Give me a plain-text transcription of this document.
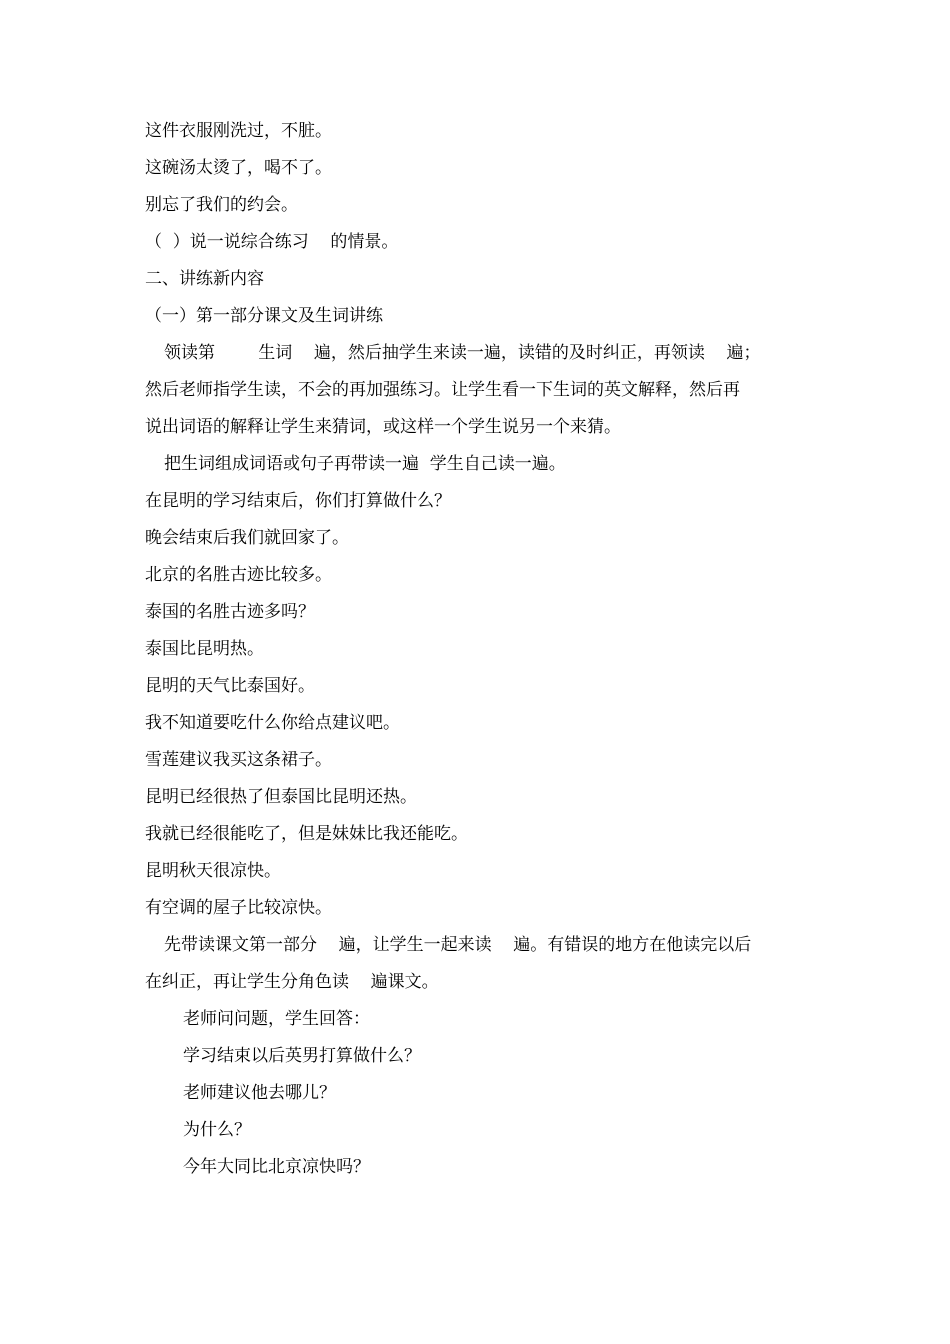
这件衣服刚洗过，不脏。
这碗汤太烫了，喝不了。
别忘了我们的约会。
（  ）说一说综合练习    的情景。
二、讲练新内容
（一）第一部分课文及生词讲练
领读第        生词    遍，然后抽学生来读一遍，读错的及时纠正，再领读    遍；
然后老师指学生读，不会的再加强练习。让学生看一下生词的英文解释，然后再
说出词语的解释让学生来猜词，或这样一个学生说另一个来猜。
把生词组成词语或句子再带读一遍  学生自己读一遍。
在昆明的学习结束后，你们打算做什么？
晚会结束后我们就回家了。
北京的名胜古迹比较多。
泰国的名胜古迹多吗？
泰国比昆明热。
昆明的天气比泰国好。
我不知道要吃什么你给点建议吧。
雪莲建议我买这条裙子。
昆明已经很热了但泰国比昆明还热。
我就已经很能吃了，但是妹妹比我还能吃。
昆明秋天很凉快。
有空调的屋子比较凉快。
先带读课文第一部分    遍，让学生一起来读    遍。有错误的地方在他读完以后
在纠正，再让学生分角色读    遍课文。
老师问问题，学生回答：
学习结束以后英男打算做什么？
老师建议他去哪儿？
为什么？
今年大同比北京凉快吗？
